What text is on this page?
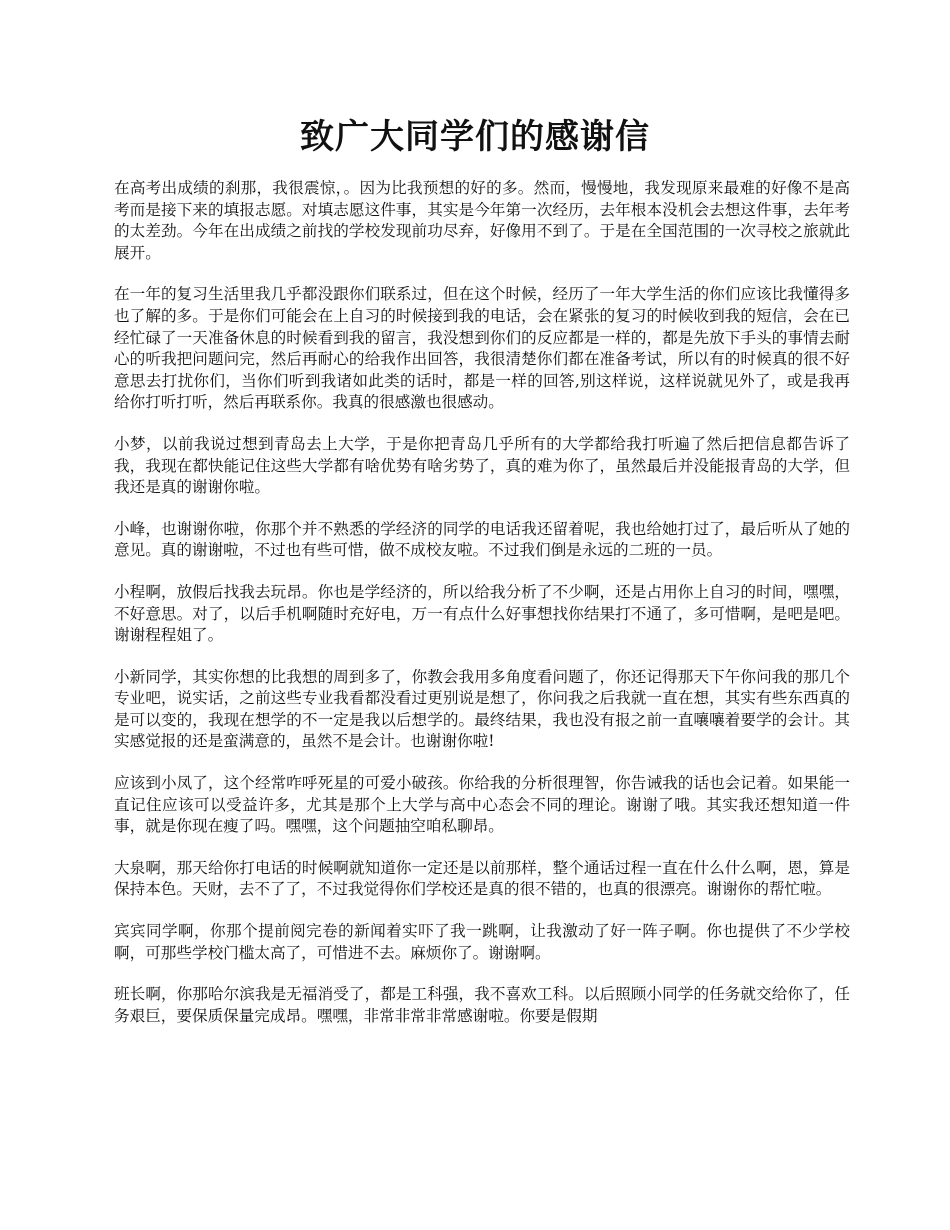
致广大同学们的感谢信

在高考出成绩的刹那，我很震惊，。因为比我预想的好的多。然而，慢慢地，我发现原来最难的好像不是高考而是接下来的填报志愿。对填志愿这件事，其实是今年第一次经历，去年根本没机会去想这件事，去年考的太差劲。今年在出成绩之前找的学校发现前功尽弃，好像用不到了。于是在全国范围的一次寻校之旅就此展开。

在一年的复习生活里我几乎都没跟你们联系过，但在这个时候，经历了一年大学生活的你们应该比我懂得多也了解的多。于是你们可能会在上自习的时候接到我的电话，会在紧张的复习的时候收到我的短信，会在已经忙碌了一天准备休息的时候看到我的留言，我没想到你们的反应都是一样的，都是先放下手头的事情去耐心的听我把问题问完，然后再耐心的给我作出回答，我很清楚你们都在准备考试，所以有的时候真的很不好意思去打扰你们，当你们听到我诸如此类的话时，都是一样的回答,别这样说，这样说就见外了，或是我再给你打听打听，然后再联系你。我真的很感激也很感动。

小梦，以前我说过想到青岛去上大学，于是你把青岛几乎所有的大学都给我打听遍了然后把信息都告诉了我，我现在都快能记住这些大学都有啥优势有啥劣势了，真的难为你了，虽然最后并没能报青岛的大学，但我还是真的谢谢你啦。

小峰，也谢谢你啦，你那个并不熟悉的学经济的同学的电话我还留着呢，我也给她打过了，最后听从了她的意见。真的谢谢啦，不过也有些可惜，做不成校友啦。不过我们倒是永远的二班的一员。

小程啊，放假后找我去玩昂。你也是学经济的，所以给我分析了不少啊，还是占用你上自习的时间，嘿嘿，不好意思。对了，以后手机啊随时充好电，万一有点什么好事想找你结果打不通了，多可惜啊，是吧是吧。谢谢程程姐了。

小新同学，其实你想的比我想的周到多了，你教会我用多角度看问题了，你还记得那天下午你问我的那几个专业吧，说实话，之前这些专业我看都没看过更别说是想了，你问我之后我就一直在想，其实有些东西真的是可以变的，我现在想学的不一定是我以后想学的。最终结果，我也没有报之前一直嚷嚷着要学的会计。其实感觉报的还是蛮满意的，虽然不是会计。也谢谢你啦!

应该到小凤了，这个经常咋呼死星的可爱小破孩。你给我的分析很理智，你告诫我的话也会记着。如果能一直记住应该可以受益许多，尤其是那个上大学与高中心态会不同的理论。谢谢了哦。其实我还想知道一件事，就是你现在瘦了吗。嘿嘿，这个问题抽空咱私聊昂。

大泉啊，那天给你打电话的时候啊就知道你一定还是以前那样，整个通话过程一直在什么什么啊，恩，算是保持本色。天财，去不了了，不过我觉得你们学校还是真的很不错的，也真的很漂亮。谢谢你的帮忙啦。

宾宾同学啊，你那个提前阅完卷的新闻着实吓了我一跳啊，让我激动了好一阵子啊。你也提供了不少学校啊，可那些学校门槛太高了，可惜进不去。麻烦你了。谢谢啊。

班长啊，你那哈尔滨我是无福消受了，都是工科强，我不喜欢工科。以后照顾小同学的任务就交给你了，任务艰巨，要保质保量完成昂。嘿嘿，非常非常非常感谢啦。你要是假期
